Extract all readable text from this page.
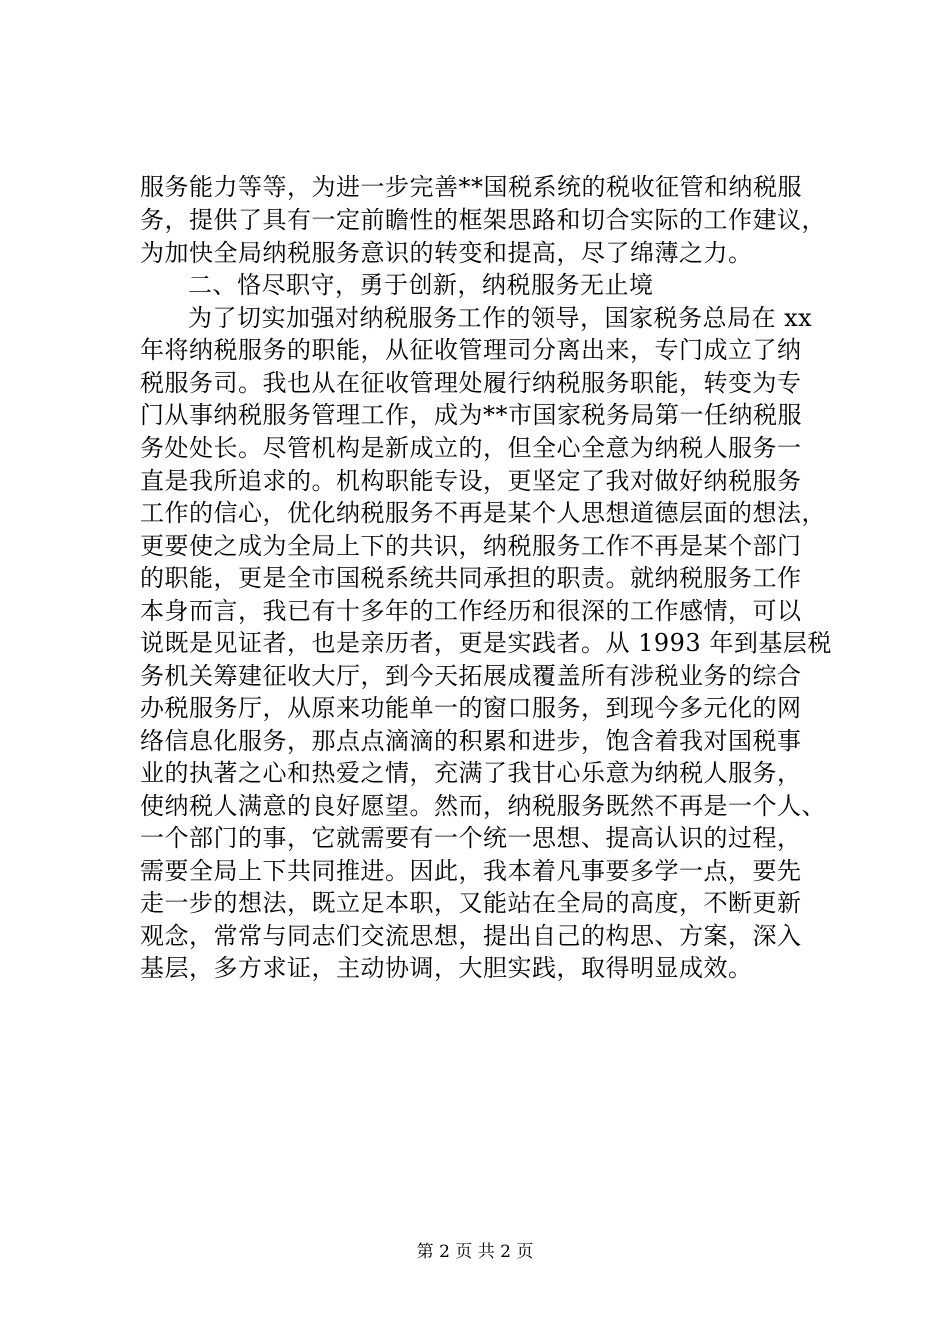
服务能力等等，为进一步完善**国税系统的税收征管和纳税服
务，提供了具有一定前瞻性的框架思路和切合实际的工作建议，
为加快全局纳税服务意识的转变和提高，尽了绵薄之力。
二、恪尽职守，勇于创新，纳税服务无止境
为了切实加强对纳税服务工作的领导，国家税务总局在 xx
年将纳税服务的职能，从征收管理司分离出来，专门成立了纳
税服务司。我也从在征收管理处履行纳税服务职能，转变为专
门从事纳税服务管理工作，成为**市国家税务局第一任纳税服
务处处长。尽管机构是新成立的，但全心全意为纳税人服务一
直是我所追求的。机构职能专设，更坚定了我对做好纳税服务
工作的信心，优化纳税服务不再是某个人思想道德层面的想法，
更要使之成为全局上下的共识，纳税服务工作不再是某个部门
的职能，更是全市国税系统共同承担的职责。就纳税服务工作
本身而言，我已有十多年的工作经历和很深的工作感情，可以
说既是见证者，也是亲历者，更是实践者。从 1993 年到基层税
务机关筹建征收大厅，到今天拓展成覆盖所有涉税业务的综合
办税服务厅，从原来功能单一的窗口服务，到现今多元化的网
络信息化服务，那点点滴滴的积累和进步，饱含着我对国税事
业的执著之心和热爱之情，充满了我甘心乐意为纳税人服务，
使纳税人满意的良好愿望。然而，纳税服务既然不再是一个人、
一个部门的事，它就需要有一个统一思想、提高认识的过程，
需要全局上下共同推进。因此，我本着凡事要多学一点，要先
走一步的想法，既立足本职，又能站在全局的高度，不断更新
观念，常常与同志们交流思想，提出自己的构思、方案，深入
基层，多方求证，主动协调，大胆实践，取得明显成效。
第 2 页 共 2 页
